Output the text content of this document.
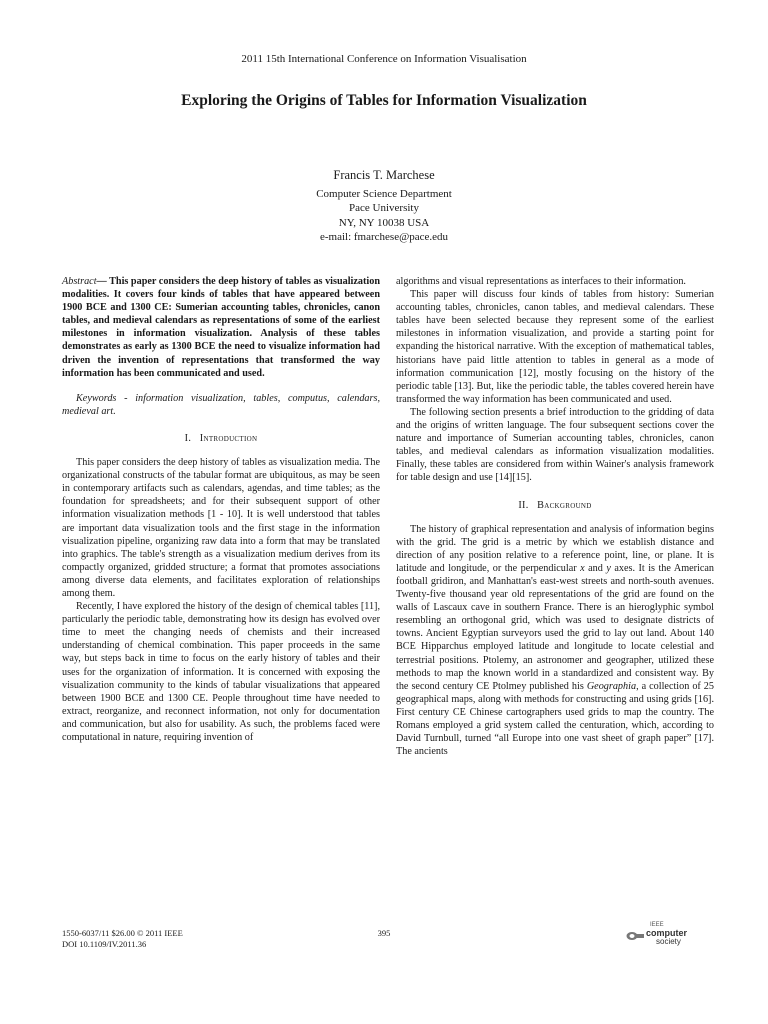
2011 15th International Conference on Information Visualisation

Exploring the Origins of Tables for Information Visualization
Francis T. Marchese
Computer Science Department
Pace University
NY, NY 10038 USA
e-mail: fmarchese@pace.edu

Abstract— This paper considers the deep history of tables as visualization modalities. It covers four kinds of tables that have appeared between 1900 BCE and 1300 CE: Sumerian accounting tables, chronicles, canon tables, and medieval calendars as representations of some of the earliest milestones in information visualization. Analysis of these tables demonstrates as early as 1300 BCE the need to visualize information had driven the invention of representations that transformed the way information has been communicated and used.

Keywords - information visualization, tables, computus, calendars, medieval art.

I. Introduction

This paper considers the deep history of tables as visualization media. The organizational constructs of the tabular format are ubiquitous, as may be seen in contemporary artifacts such as calendars, agendas, and time tables; as the foundation for spreadsheets; and for their subsequent support of other information visualization methods [1 - 10]. It is well understood that tables are important data visualization tools and the first stage in the information visualization pipeline, organizing raw data into a form that may be translated into graphics. The table's strength as a visualization medium derives from its compactly organized, gridded structure; a format that promotes associations among diverse data elements, and facilitates exploration of relationships among them.

Recently, I have explored the history of the design of chemical tables [11], particularly the periodic table, demonstrating how its design has evolved over time to meet the changing needs of chemists and their increased understanding of chemical combination. This paper proceeds in the same way, but steps back in time to focus on the early history of tables and their uses for the organization of information. It is concerned with exposing the visualization community to the kinds of tabular visualizations that appeared between 1900 BCE and 1300 CE. People throughout time have needed to extract, reorganize, and reconnect information, not only for documentation and communication, but also for usability. As such, the problems faced were computational in nature, requiring invention of

algorithms and visual representations as interfaces to their information.

This paper will discuss four kinds of tables from history: Sumerian accounting tables, chronicles, canon tables, and medieval calendars. These tables have been selected because they represent some of the earliest milestones in information visualization, and provide a starting point for expanding the historical narrative. With the exception of mathematical tables, historians have paid little attention to tables in general as a mode of information communication [12], mostly focusing on the history of the periodic table [13]. But, like the periodic table, the tables covered herein have transformed the way information has been communicated and used.

The following section presents a brief introduction to the gridding of data and the origins of written language. The four subsequent sections cover the nature and importance of Sumerian accounting tables, chronicles, canon tables, and medieval calendars as information visualization modalities. Finally, these tables are considered from within Wainer's analysis framework for table design and use [14][15].

II. Background

The history of graphical representation and analysis of information begins with the grid. The grid is a metric by which we establish distance and direction of any position relative to a reference point, line, or plane. It is latitude and longitude, or the perpendicular x and y axes. It is the American football gridiron, and Manhattan's east-west streets and north-south avenues. Twenty-five thousand year old representations of the grid are found on the walls of Lascaux cave in southern France. There is an hieroglyphic symbol resembling an orthogonal grid, which was used to designate districts of towns. Ancient Egyptian surveyors used the grid to lay out land. About 140 BCE Hipparchus employed latitude and longitude to locate celestial and terrestrial positions. Ptolemy, an astronomer and geographer, utilized these methods to map the known world in a standardized and consistent way. By the second century CE Ptolmey published his Geographia, a collection of 25 geographical maps, along with methods for constructing and using grids [16]. First century CE Chinese cartographers used grids to map the country. The Romans employed a grid system called the centuration, which, according to David Turnbull, turned “all Europe into one vast sheet of graph paper” [17]. The ancients

1550-6037/11 $26.00 © 2011 IEEE
DOI 10.1109/IV.2011.36
395
IEEE
computer
society
